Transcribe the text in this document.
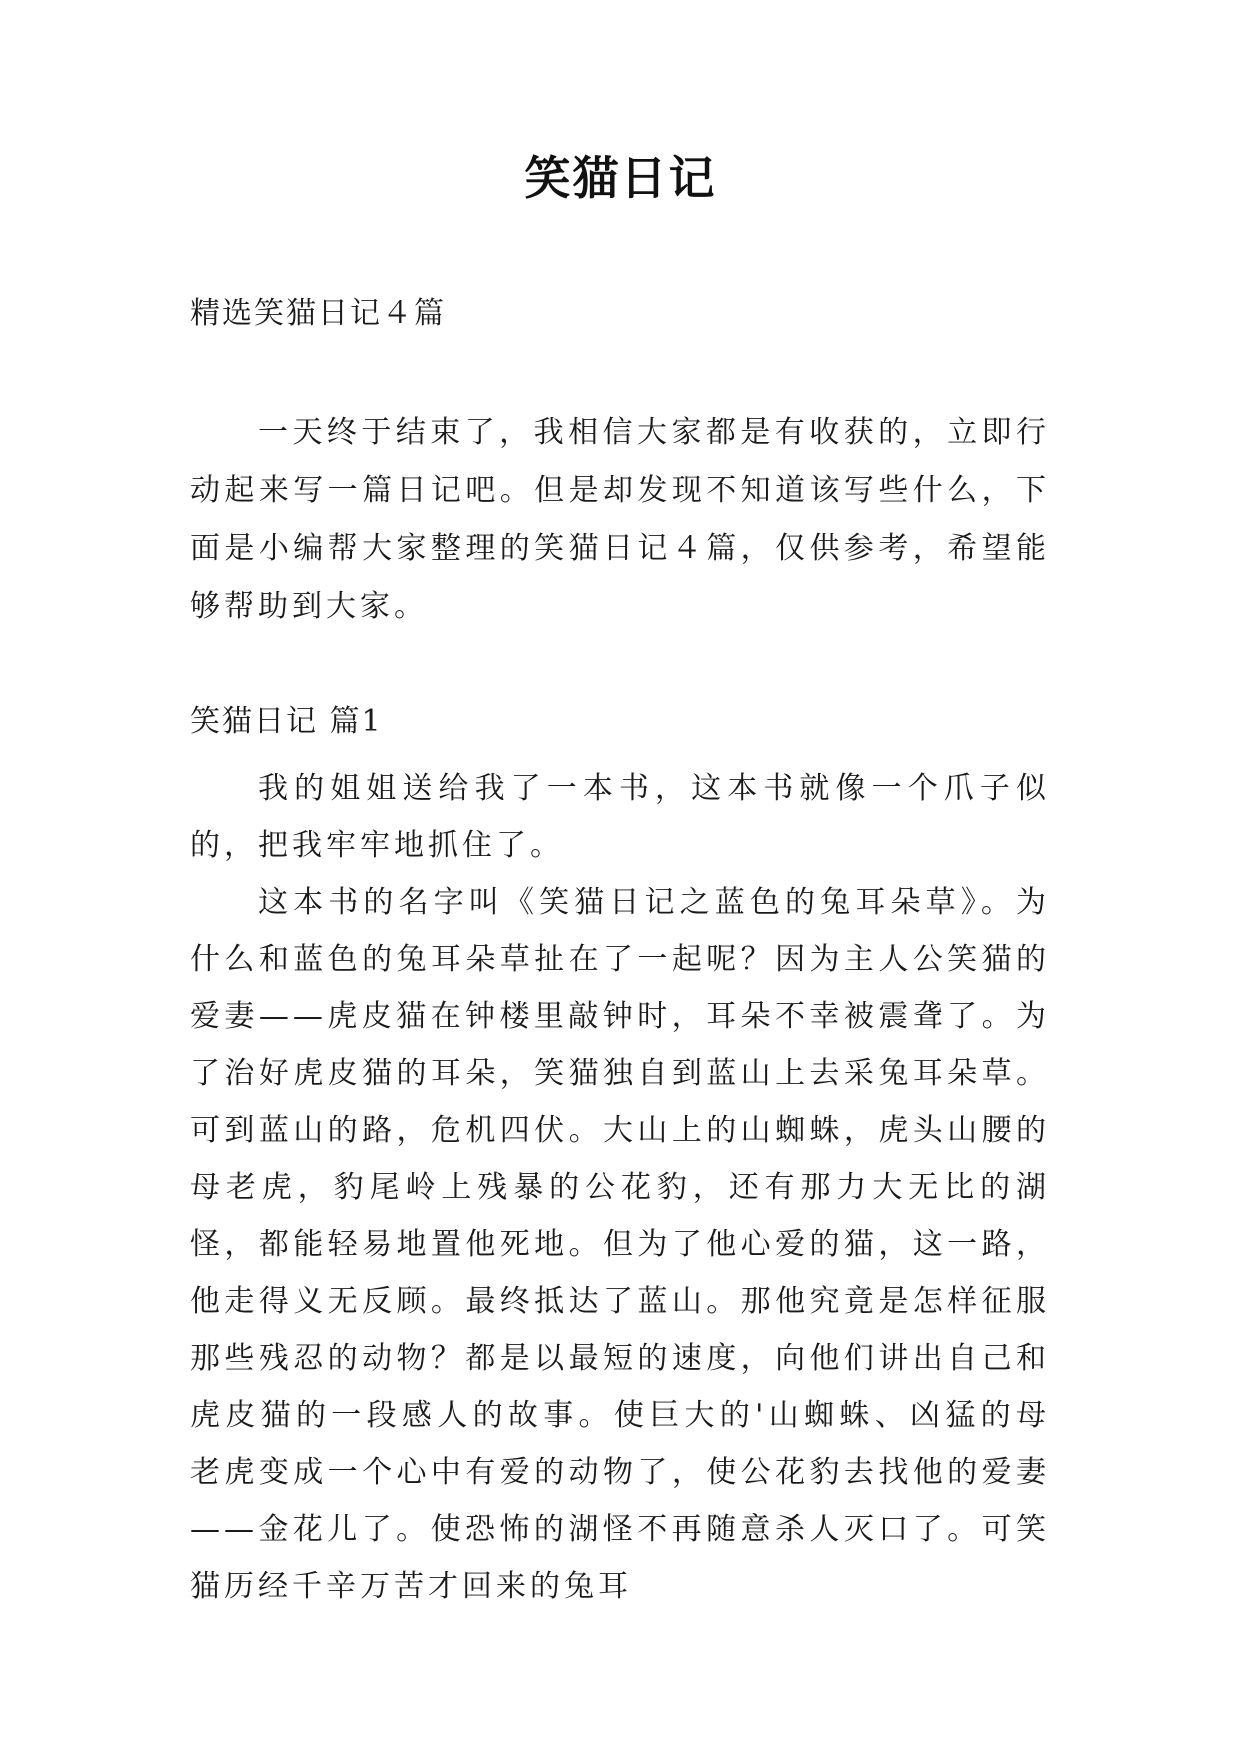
笑猫日记
精选笑猫日记４篇

一天终于结束了，我相信大家都是有收获的，立即行动起来写一篇日记吧。但是却发现不知道该写些什么，下面是小编帮大家整理的笑猫日记４篇，仅供参考，希望能够帮助到大家。

笑猫日记 篇1

我的姐姐送给我了一本书，这本书就像一个爪子似的，把我牢牢地抓住了。

这本书的名字叫《笑猫日记之蓝色的兔耳朵草》。为什么和蓝色的兔耳朵草扯在了一起呢？因为主人公笑猫的爱妻——虎皮猫在钟楼里敲钟时，耳朵不幸被震聋了。为了治好虎皮猫的耳朵，笑猫独自到蓝山上去采兔耳朵草。可到蓝山的路，危机四伏。大山上的山蜘蛛，虎头山腰的母老虎，豹尾岭上残暴的公花豹，还有那力大无比的湖怪，都能轻易地置他死地。但为了他心爱的猫，这一路，他走得义无反顾。最终抵达了蓝山。那他究竟是怎样征服那些残忍的动物？都是以最短的速度，向他们讲出自己和虎皮猫的一段感人的故事。使巨大的'山蜘蛛、凶猛的母老虎变成一个心中有爱的动物了，使公花豹去找他的爱妻——金花儿了。使恐怖的湖怪不再随意杀人灭口了。可笑猫历经千辛万苦才回来的兔耳
